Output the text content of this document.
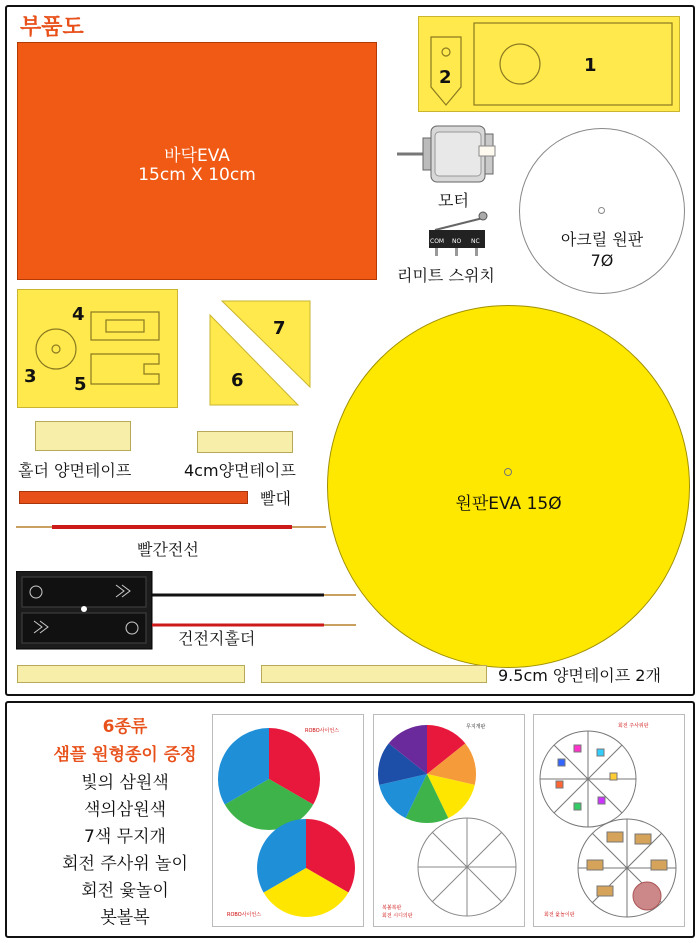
부품도
바닥EVA
15cm X 10cm
2
1
모터
COM NO NC
리미트 스위치
아크릴 원판
7Ø
4
3 5
7
6
원판EVA 15Ø
홀더 양면테이프	4cm양면테이프
빨대
빨간전선
건전지홀더
9.5cm 양면테이프 2개
6종류
샘플 원형종이 증정
빛의 삼원색
색의삼원색
7색 무지개
회전 주사위 놀이
회전 윷놀이
봇볼복
ROBO사이언스
ROBO사이언스
무지개판
복볼복판
회전 시디의판
회전 주사위판
회전 윷놀이판
